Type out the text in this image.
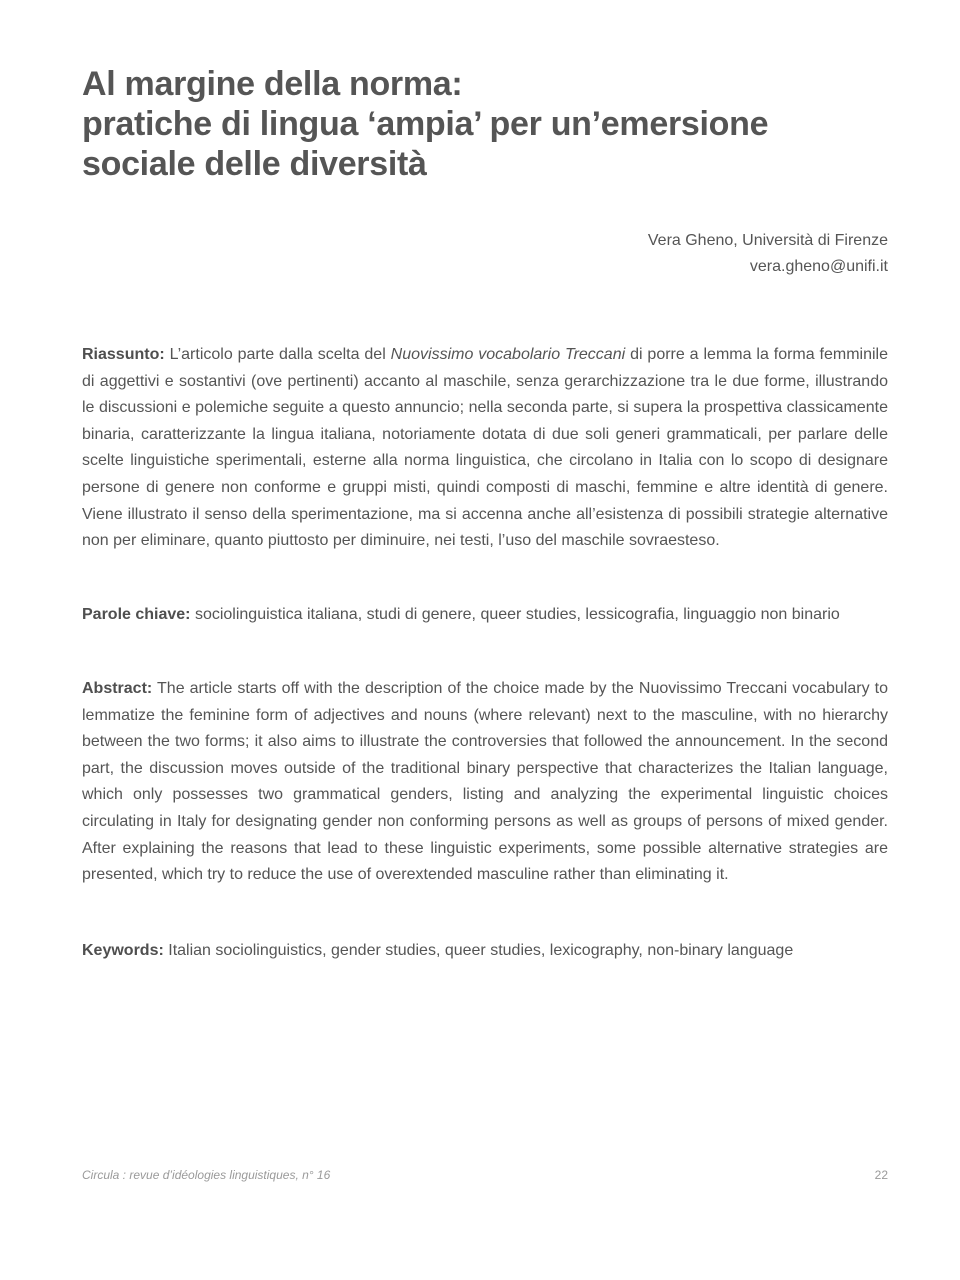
Al margine della norma:
pratiche di lingua ‘ampia’ per un’emersione
sociale delle diversità
Vera Gheno, Università di Firenze
vera.gheno@unifi.it

Riassunto: L’articolo parte dalla scelta del Nuovissimo vocabolario Treccani di porre a lemma la forma femminile di aggettivi e sostantivi (ove pertinenti) accanto al maschile, senza gerarchizzazione tra le due forme, illustrando le discussioni e polemiche seguite a questo annuncio; nella seconda parte, si supera la prospettiva classicamente binaria, caratterizzante la lingua italiana, notoriamente dotata di due soli generi grammaticali, per parlare delle scelte linguistiche sperimentali, esterne alla norma linguistica, che circolano in Italia con lo scopo di designare persone di genere non conforme e gruppi misti, quindi composti di maschi, femmine e altre identità di genere. Viene illustrato il senso della sperimentazione, ma si accenna anche all’esistenza di possibili strategie alternative non per eliminare, quanto piuttosto per diminuire, nei testi, l’uso del maschile sovraesteso.

Parole chiave: sociolinguistica italiana, studi di genere, queer studies, lessicografia, linguaggio non binario

Abstract: The article starts off with the description of the choice made by the Nuovissimo Treccani vocabulary to lemmatize the feminine form of adjectives and nouns (where relevant) next to the masculine, with no hierarchy between the two forms; it also aims to illustrate the controversies that followed the announcement. In the second part, the discussion moves outside of the traditional binary perspective that characterizes the Italian language, which only possesses two grammatical genders, listing and analyzing the experimental linguistic choices circulating in Italy for designating gender non conforming persons as well as groups of persons of mixed gender. After explaining the reasons that lead to these linguistic experiments, some possible alternative strategies are presented, which try to reduce the use of overextended masculine rather than eliminating it.

Keywords: Italian sociolinguistics, gender studies, queer studies, lexicography, non-binary language

Circula : revue d’idéologies linguistiques, n° 16	22
